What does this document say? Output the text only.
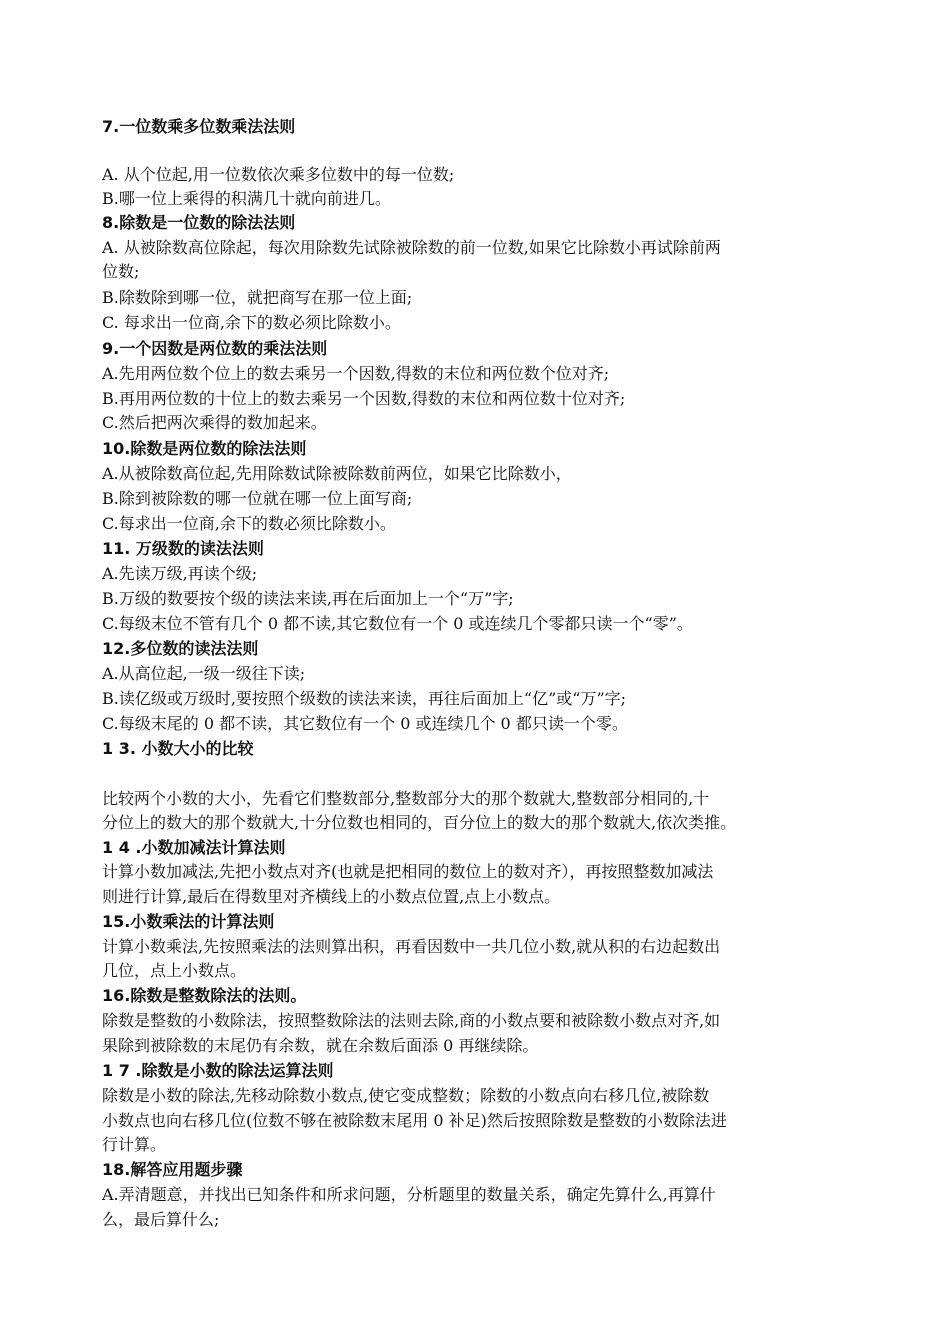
7.一位数乘多位数乘法法则
A. 从个位起,用一位数依次乘多位数中的每一位数;
B.哪一位上乘得的积满几十就向前进几。
8.除数是一位数的除法法则
A. 从被除数高位除起，每次用除数先试除被除数的前一位数,如果它比除数小再试除前两
位数;
B.除数除到哪一位，就把商写在那一位上面;
C. 每求出一位商,余下的数必须比除数小。
9.一个因数是两位数的乘法法则
A.先用两位数个位上的数去乘另一个因数,得数的末位和两位数个位对齐;
B.再用两位数的十位上的数去乘另一个因数,得数的末位和两位数十位对齐;
C.然后把两次乘得的数加起来。
10.除数是两位数的除法法则
A.从被除数高位起,先用除数试除被除数前两位，如果它比除数小，
B.除到被除数的哪一位就在哪一位上面写商;
C.每求出一位商,余下的数必须比除数小。
11. 万级数的读法法则
A.先读万级,再读个级;
B.万级的数要按个级的读法来读,再在后面加上一个“万”字;
C.每级末位不管有几个 0 都不读,其它数位有一个 0 或连续几个零都只读一个“零”。
12.多位数的读法法则
A.从高位起,一级一级往下读;
B.读亿级或万级时,要按照个级数的读法来读，再往后面加上“亿”或“万”字;
C.每级末尾的 0 都不读，其它数位有一个 0 或连续几个 0 都只读一个零。
1 3. 小数大小的比较
比较两个小数的大小，先看它们整数部分,整数部分大的那个数就大,整数部分相同的,十
分位上的数大的那个数就大,十分位数也相同的，百分位上的数大的那个数就大,依次类推。
1 4 .小数加减法计算法则
计算小数加减法,先把小数点对齐(也就是把相同的数位上的数对齐），再按照整数加减法
则进行计算,最后在得数里对齐横线上的小数点位置,点上小数点。
15.小数乘法的计算法则
计算小数乘法,先按照乘法的法则算出积，再看因数中一共几位小数,就从积的右边起数出
几位，点上小数点。
16.除数是整数除法的法则。
除数是整数的小数除法，按照整数除法的法则去除,商的小数点要和被除数小数点对齐,如
果除到被除数的末尾仍有余数，就在余数后面添 0 再继续除。
1 7 .除数是小数的除法运算法则
除数是小数的除法,先移动除数小数点,使它变成整数；除数的小数点向右移几位,被除数
小数点也向右移几位(位数不够在被除数末尾用 0 补足)然后按照除数是整数的小数除法进
行计算。
18.解答应用题步骤
A.弄清题意，并找出已知条件和所求问题，分析题里的数量关系，确定先算什么,再算什
么，最后算什么;
